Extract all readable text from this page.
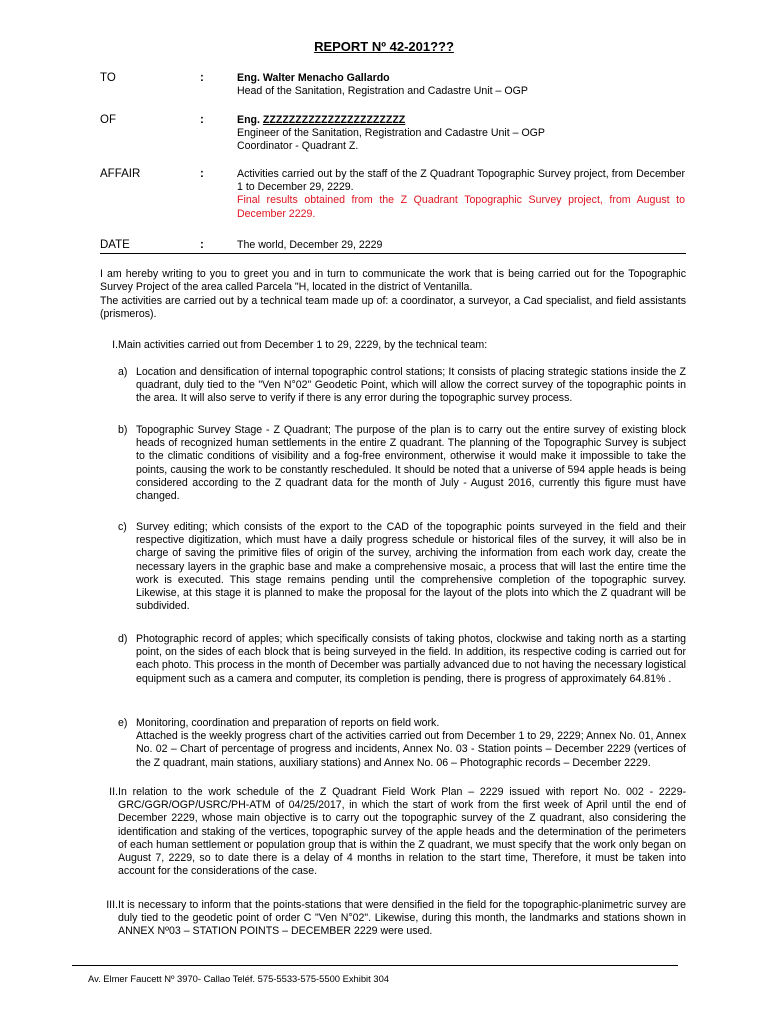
REPORT Nº 42-201???
TO	:	Eng. Walter Menacho Gallardo
Head of the Sanitation, Registration and Cadastre Unit – OGP
OF	:	Eng. ZZZZZZZZZZZZZZZZZZZZZZ
Engineer of the Sanitation, Registration and Cadastre Unit – OGP
Coordinator - Quadrant Z.
AFFAIR	:	Activities carried out by the staff of the Z Quadrant Topographic Survey project, from December 1 to December 29, 2229.
Final results obtained from the Z Quadrant Topographic Survey project, from August to December 2229.
DATE	:	The world, December 29, 2229
I am hereby writing to you to greet you and in turn to communicate the work that is being carried out for the Topographic Survey Project of the area called Parcela "H, located in the district of Ventanilla.
The activities are carried out by a technical team made up of: a coordinator, a surveyor, a Cad specialist, and field assistants (prismeros).
I. Main activities carried out from December 1 to 29, 2229, by the technical team:
a) Location and densification of internal topographic control stations; It consists of placing strategic stations inside the Z quadrant, duly tied to the "Ven N°02" Geodetic Point, which will allow the correct survey of the topographic points in the area. It will also serve to verify if there is any error during the topographic survey process.
b) Topographic Survey Stage - Z Quadrant; The purpose of the plan is to carry out the entire survey of existing block heads of recognized human settlements in the entire Z quadrant. The planning of the Topographic Survey is subject to the climatic conditions of visibility and a fog-free environment, otherwise it would make it impossible to take the points, causing the work to be constantly rescheduled. It should be noted that a universe of 594 apple heads is being considered according to the Z quadrant data for the month of July - August 2016, currently this figure must have changed.
c) Survey editing; which consists of the export to the CAD of the topographic points surveyed in the field and their respective digitization, which must have a daily progress schedule or historical files of the survey, it will also be in charge of saving the primitive files of origin of the survey, archiving the information from each work day, create the necessary layers in the graphic base and make a comprehensive mosaic, a process that will last the entire time the work is executed. This stage remains pending until the comprehensive completion of the topographic survey. Likewise, at this stage it is planned to make the proposal for the layout of the plots into which the Z quadrant will be subdivided.
d) Photographic record of apples; which specifically consists of taking photos, clockwise and taking north as a starting point, on the sides of each block that is being surveyed in the field. In addition, its respective coding is carried out for each photo. This process in the month of December was partially advanced due to not having the necessary logistical equipment such as a camera and computer, its completion is pending, there is progress of approximately 64.81% .
e) Monitoring, coordination and preparation of reports on field work.
Attached is the weekly progress chart of the activities carried out from December 1 to 29, 2229; Annex No. 01, Annex No. 02 – Chart of percentage of progress and incidents, Annex No. 03 - Station points – December 2229 (vertices of the Z quadrant, main stations, auxiliary stations) and Annex No. 06 – Photographic records – December 2229.
II. In relation to the work schedule of the Z Quadrant Field Work Plan – 2229 issued with report No. 002 - 2229-GRC/GGR/OGP/USRC/PH-ATM of 04/25/2017, in which the start of work from the first week of April until the end of December 2229, whose main objective is to carry out the topographic survey of the Z quadrant, also considering the identification and staking of the vertices, topographic survey of the apple heads and the determination of the perimeters of each human settlement or population group that is within the Z quadrant, we must specify that the work only began on August 7, 2229, so to date there is a delay of 4 months in relation to the start time, Therefore, it must be taken into account for the considerations of the case.
III. It is necessary to inform that the points-stations that were densified in the field for the topographic-planimetric survey are duly tied to the geodetic point of order C "Ven N°02". Likewise, during this month, the landmarks and stations shown in ANNEX Nº03 – STATION POINTS – DECEMBER 2229 were used.
Av. Elmer Faucett Nº 3970- Callao Teléf. 575-5533-575-5500 Exhibit 304
